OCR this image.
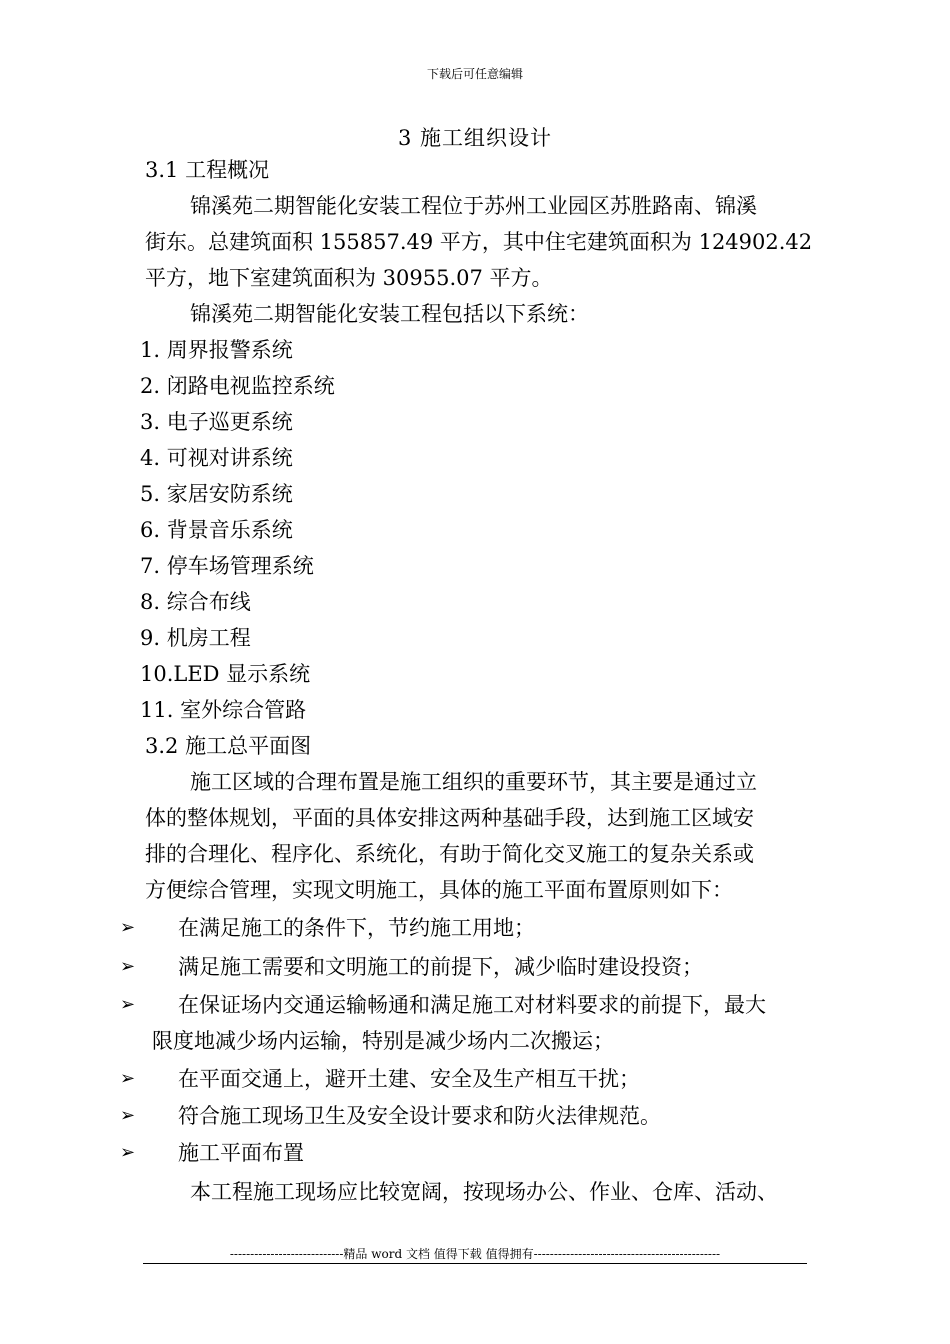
下载后可任意编辑
3 施工组织设计
3.1 工程概况
锦溪苑二期智能化安装工程位于苏州工业园区苏胜路南、锦溪
街东。总建筑面积 155857.49 平方，其中住宅建筑面积为 124902.42
平方，地下室建筑面积为 30955.07 平方。
锦溪苑二期智能化安装工程包括以下系统：
1. 周界报警系统
2. 闭路电视监控系统
3. 电子巡更系统
4. 可视对讲系统
5. 家居安防系统
6. 背景音乐系统
7. 停车场管理系统
8. 综合布线
9. 机房工程
10.LED 显示系统
11. 室外综合管路
3.2 施工总平面图
施工区域的合理布置是施工组织的重要环节，其主要是通过立
体的整体规划，平面的具体安排这两种基础手段，达到施工区域安
排的合理化、程序化、系统化，有助于简化交叉施工的复杂关系或
方便综合管理，实现文明施工，具体的施工平面布置原则如下：
➢ 在满足施工的条件下，节约施工用地；
➢ 满足施工需要和文明施工的前提下，减少临时建设投资；
➢ 在保证场内交通运输畅通和满足施工对材料要求的前提下，最大
限度地减少场内运输，特别是减少场内二次搬运；
➢ 在平面交通上，避开土建、安全及生产相互干扰；
➢ 符合施工现场卫生及安全设计要求和防火法律规范。
➢ 施工平面布置
本工程施工现场应比较宽阔，按现场办公、作业、仓库、活动、
----------------------------精品 word 文档 值得下载 值得拥有----------------------------------------------
